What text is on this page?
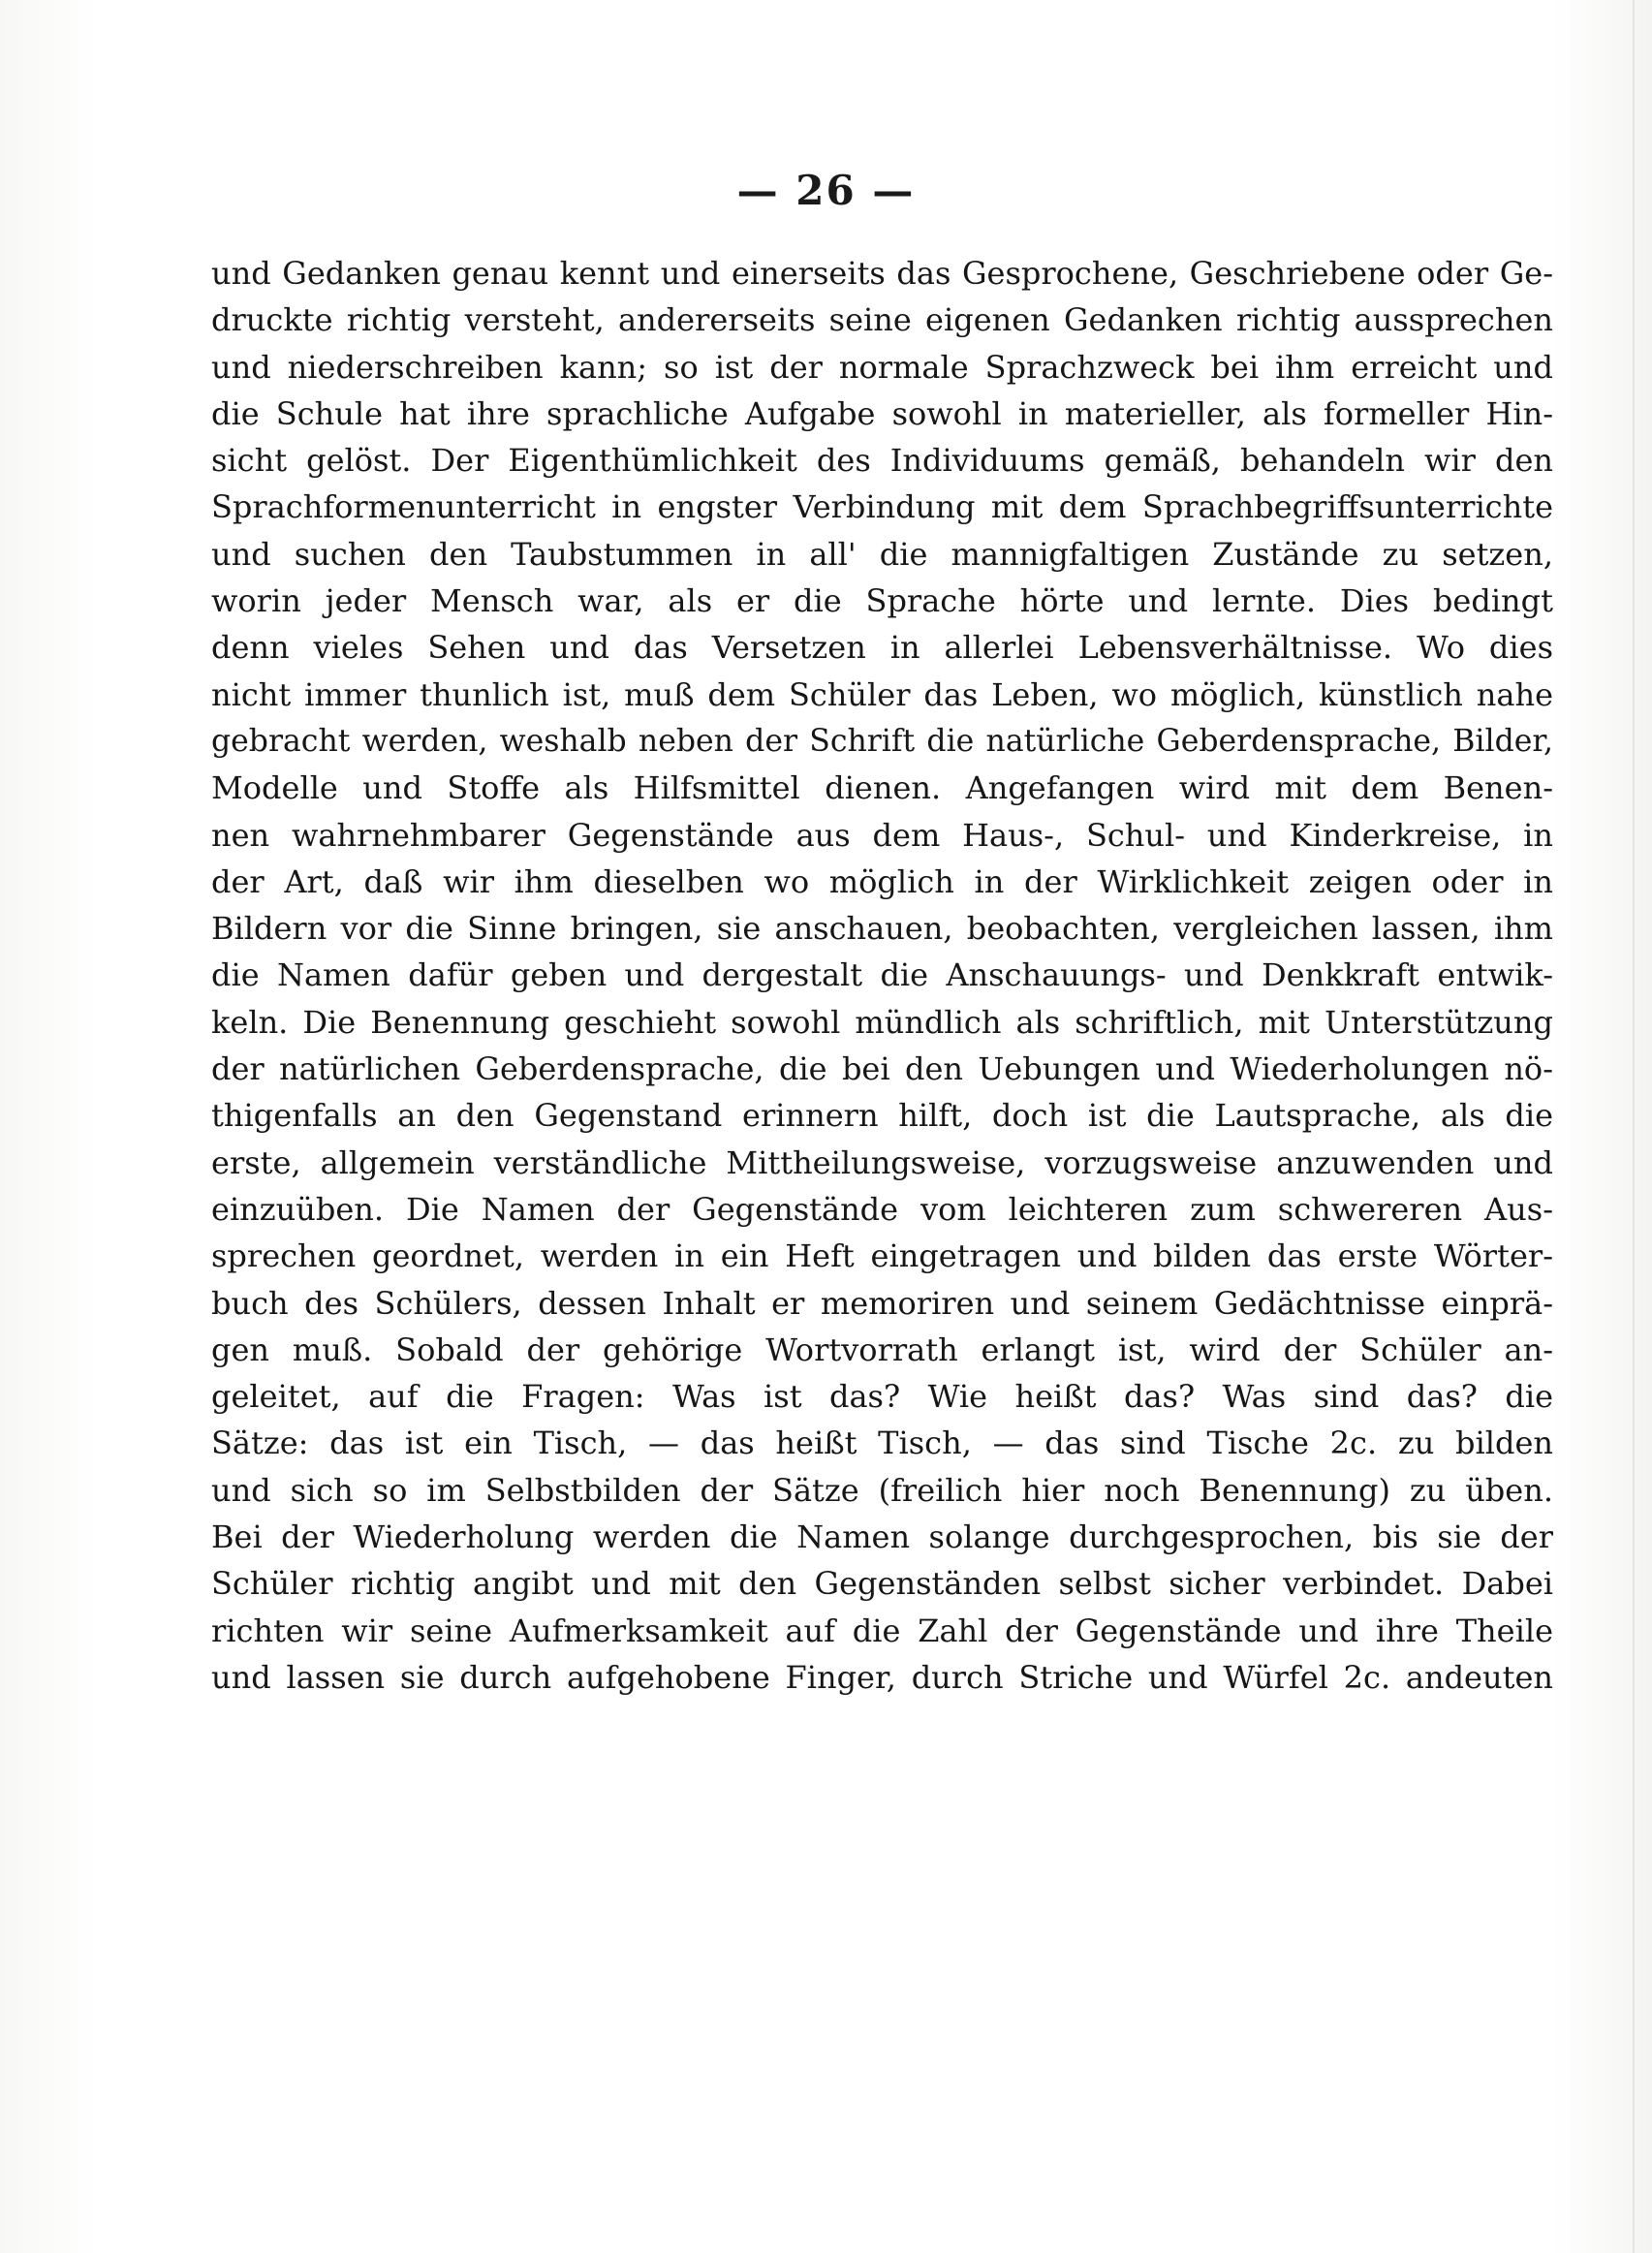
— 26 —
und Gedanken genau kennt und einerseits das Gesprochene, Geschriebene oder Ge-
druckte richtig versteht, andererseits seine eigenen Gedanken richtig aussprechen
und niederschreiben kann; so ist der normale Sprachzweck bei ihm erreicht und
die Schule hat ihre sprachliche Aufgabe sowohl in materieller, als formeller Hin-
sicht gelöst. Der Eigenthümlichkeit des Individuums gemäß, behandeln wir den
Sprachformenunterricht in engster Verbindung mit dem Sprachbegriffsunterrichte
und suchen den Taubstummen in all' die mannigfaltigen Zustände zu setzen,
worin jeder Mensch war, als er die Sprache hörte und lernte. Dies bedingt
denn vieles Sehen und das Versetzen in allerlei Lebensverhältnisse. Wo dies
nicht immer thunlich ist, muß dem Schüler das Leben, wo möglich, künstlich nahe
gebracht werden, weshalb neben der Schrift die natürliche Geberdensprache, Bilder,
Modelle und Stoffe als Hilfsmittel dienen. Angefangen wird mit dem Benen-
nen wahrnehmbarer Gegenstände aus dem Haus-, Schul- und Kinderkreise, in
der Art, daß wir ihm dieselben wo möglich in der Wirklichkeit zeigen oder in
Bildern vor die Sinne bringen, sie anschauen, beobachten, vergleichen lassen, ihm
die Namen dafür geben und dergestalt die Anschauungs- und Denkkraft entwik-
keln. Die Benennung geschieht sowohl mündlich als schriftlich, mit Unterstützung
der natürlichen Geberdensprache, die bei den Uebungen und Wiederholungen nö-
thigenfalls an den Gegenstand erinnern hilft, doch ist die Lautsprache, als die
erste, allgemein verständliche Mittheilungsweise, vorzugsweise anzuwenden und
einzuüben. Die Namen der Gegenstände vom leichteren zum schwereren Aus-
sprechen geordnet, werden in ein Heft eingetragen und bilden das erste Wörter-
buch des Schülers, dessen Inhalt er memoriren und seinem Gedächtnisse einprä-
gen muß. Sobald der gehörige Wortvorrath erlangt ist, wird der Schüler an-
geleitet, auf die Fragen: Was ist das? Wie heißt das? Was sind das? die
Sätze: das ist ein Tisch, — das heißt Tisch, — das sind Tische 2c. zu bilden
und sich so im Selbstbilden der Sätze (freilich hier noch Benennung) zu üben.
Bei der Wiederholung werden die Namen solange durchgesprochen, bis sie der
Schüler richtig angibt und mit den Gegenständen selbst sicher verbindet. Dabei
richten wir seine Aufmerksamkeit auf die Zahl der Gegenstände und ihre Theile
und lassen sie durch aufgehobene Finger, durch Striche und Würfel 2c. andeuten
